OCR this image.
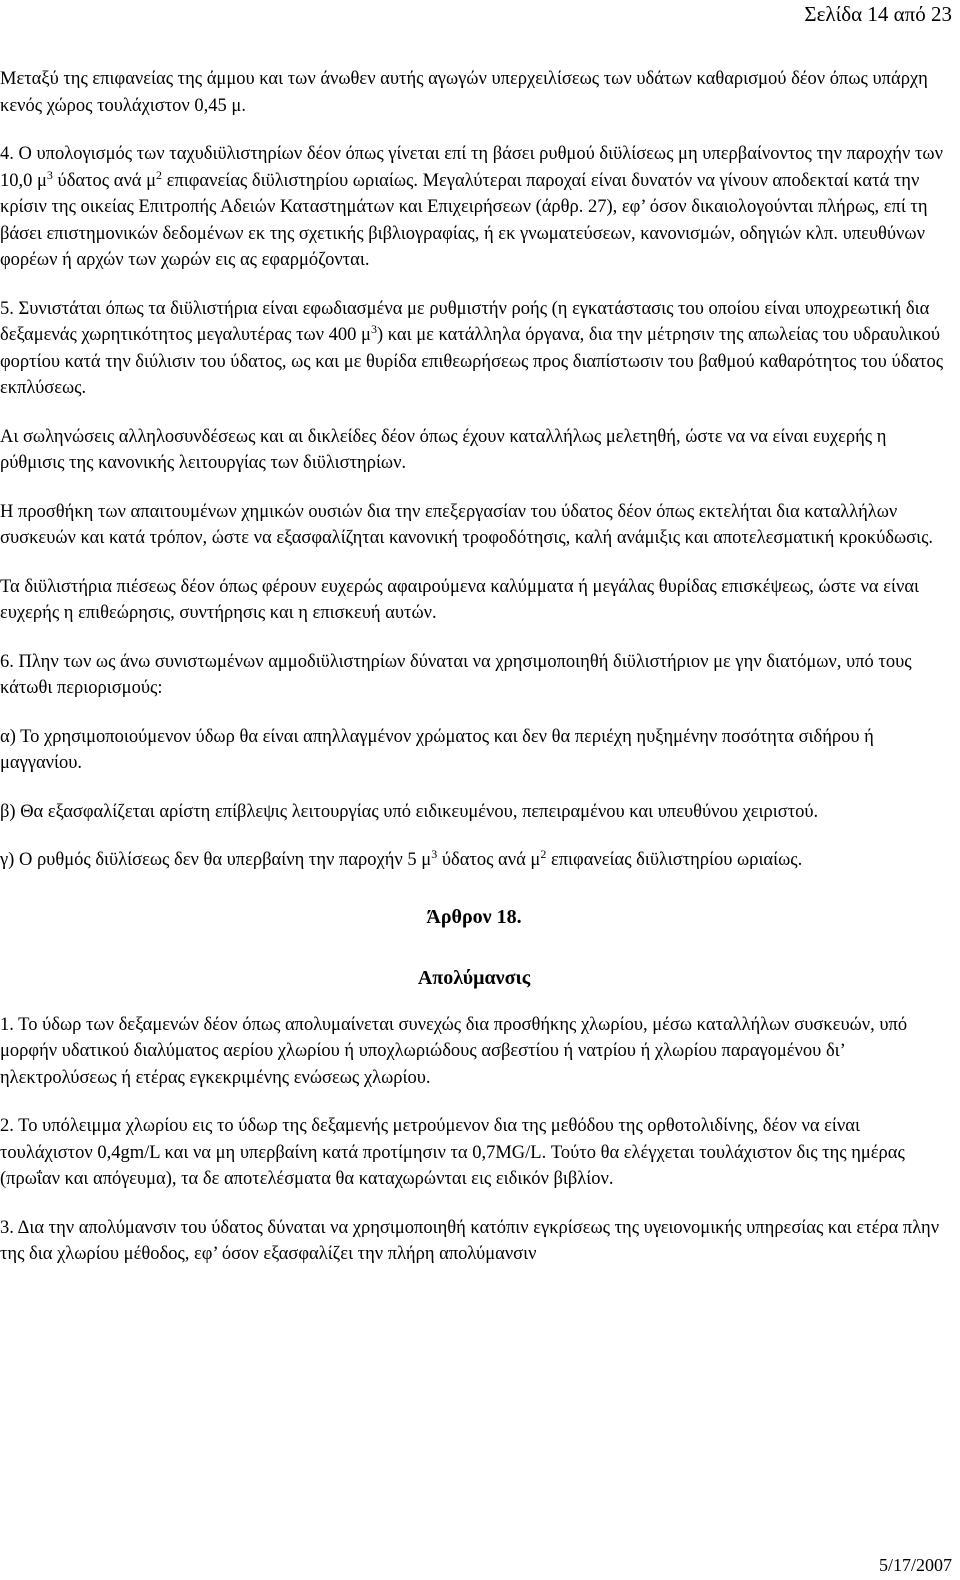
Σελίδα 14 από 23

Μεταξύ της επιφανείας της άμμου και των άνωθεν αυτής αγωγών υπερχειλίσεως των υδάτων καθαρισμού δέον όπως υπάρχη κενός χώρος τουλάχιστον 0,45 μ.

4. Ο υπολογισμός των ταχυδιϋλιστηρίων δέον όπως γίνεται επί τη βάσει ρυθμού διϋλίσεως μη υπερβαίνοντος την παροχήν των 10,0 $\mu^3$ ύδατος ανά $\mu^2$ επιφανείας διϋλιστηρίου ωριαίως. Μεγαλύτεραι παροχαί είναι δυνατόν να γίνουν αποδεκταί κατά την κρίσιν της οικείας Επιτροπής Αδειών Καταστημάτων και Επιχειρήσεων (άρθρ. 27), εφ’ όσον δικαιολογούνται πλήρως, επί τη βάσει επιστημονικών δεδομένων εκ της σχετικής βιβλιογραφίας, ή εκ γνωματεύσεων, κανονισμών, οδηγιών κλπ. υπευθύνων φορέων ή αρχών των χωρών εις ας εφαρμόζονται.

5. Συνιστάται όπως τα διϋλιστήρια είναι εφωδιασμένα με ρυθμιστήν ροής (η εγκατάστασις του οποίου είναι υποχρεωτική δια δεξαμενάς χωρητικότητος μεγαλυτέρας των 400 $\mu^3$) και με κατάλληλα όργανα, δια την μέτρησιν της απωλείας του υδραυλικού φορτίου κατά την διύλισιν του ύδατος, ως και με θυρίδα επιθεωρήσεως προς διαπίστωσιν του βαθμού καθαρότητος του ύδατος εκπλύσεως.

Αι σωληνώσεις αλληλοσυνδέσεως και αι δικλείδες δέον όπως έχουν καταλλήλως μελετηθή, ώστε να να είναι ευχερής η ρύθμισις της κανονικής λειτουργίας των διϋλιστηρίων.

Η προσθήκη των απαιτουμένων χημικών ουσιών δια την επεξεργασίαν του ύδατος δέον όπως εκτελήται δια καταλλήλων συσκευών και κατά τρόπον, ώστε να εξασφαλίζηται κανονική τροφοδότησις, καλή ανάμιξις και αποτελεσματική κροκύδωσις.

Τα διϋλιστήρια πιέσεως δέον όπως φέρουν ευχερώς αφαιρούμενα καλύμματα ή μεγάλας θυρίδας επισκέψεως, ώστε να είναι ευχερής η επιθεώρησις, συντήρησις και η επισκευή αυτών.

6. Πλην των ως άνω συνιστωμένων αμμοδιϋλιστηρίων δύναται να χρησιμοποιηθή διϋλιστήριον με γην διατόμων, υπό τους κάτωθι περιορισμούς:

α) Το χρησιμοποιούμενον ύδωρ θα είναι απηλλαγμένον χρώματος και δεν θα περιέχη ηυξημένην ποσότητα σιδήρου ή μαγγανίου.

β) Θα εξασφαλίζεται αρίστη επίβλεψις λειτουργίας υπό ειδικευμένου, πεπειραμένου και υπευθύνου χειριστού.

γ) Ο ρυθμός διϋλίσεως δεν θα υπερβαίνη την παροχήν 5 $\mu^3$ ύδατος ανά $\mu^2$ επιφανείας διϋλιστηρίου ωριαίως.

Άρθρον 18.
Απολύμανσις

1. Το ύδωρ των δεξαμενών δέον όπως απολυμαίνεται συνεχώς δια προσθήκης χλωρίου, μέσω καταλλήλων συσκευών, υπό μορφήν υδατικού διαλύματος αερίου χλωρίου ή υποχλωριώδους ασβεστίου ή νατρίου ή χλωρίου παραγομένου δι’ ηλεκτρολύσεως ή ετέρας εγκεκριμένης ενώσεως χλωρίου.

2. Το υπόλειμμα χλωρίου εις το ύδωρ της δεξαμενής μετρούμενον δια της μεθόδου της ορθοτολιδίνης, δέον να είναι τουλάχιστον 0,4gm/L και να μη υπερβαίνη κατά προτίμησιν τα 0,7MG/L. Τούτο θα ελέγχεται τουλάχιστον δις της ημέρας (πρωΐαν και απόγευμα), τα δε αποτελέσματα θα καταχωρώνται εις ειδικόν βιβλίον.

3. Δια την απολύμανσιν του ύδατος δύναται να χρησιμοποιηθή κατόπιν εγκρίσεως της υγειονομικής υπηρεσίας και ετέρα πλην της δια χλωρίου μέθοδος, εφ’ όσον εξασφαλίζει την πλήρη απολύμανσιν

5/17/2007
